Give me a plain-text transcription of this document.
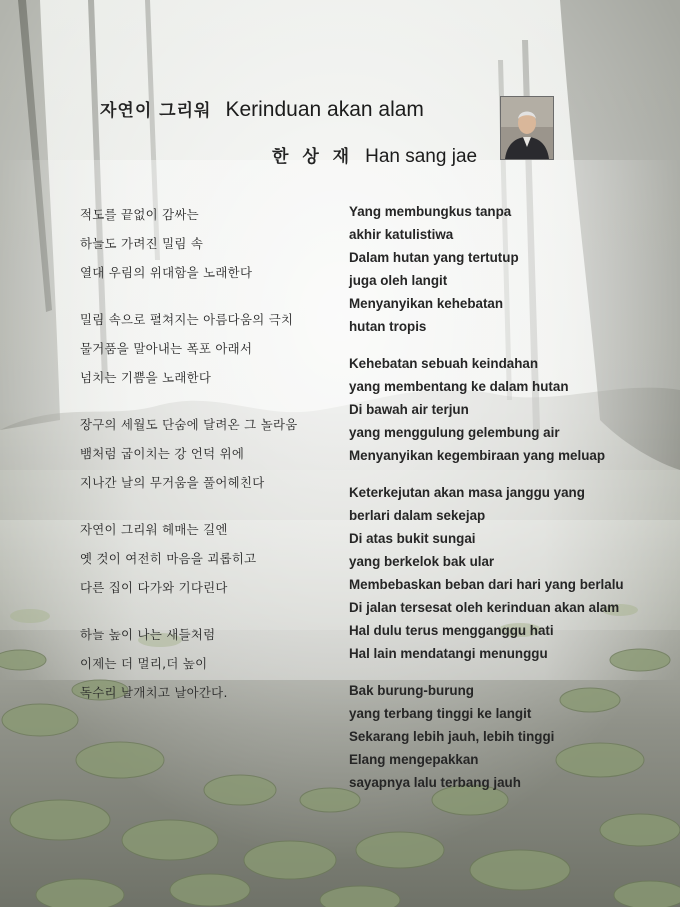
자연이 그리워 Kerinduan akan alam
한 상 재 Han sang jae
적도를 끝없이 감싸는
하늘도 가려진 밀림 속
열대 우림의 위대함을 노래한다
밀림 속으로 펼쳐지는 아름다움의 극치
물거품을 말아내는 폭포 아래서
넘치는 기쁨을 노래한다
장구의 세월도 단숨에 달려온 그 놀라움
뱀처럼 굽이치는 강 언덕 위에
지나간 날의 무거움을 풀어헤친다
자연이 그리워 헤매는 길엔
옛 것이 여전히 마음을 괴롭히고
다른 집이 다가와 기다린다
하늘 높이 나는 새들처럼
이제는 더 멀리,더 높이
독수리 날개치고 날아간다.
Yang membungkus tanpa
akhir katulistiwa
Dalam hutan yang tertutup
juga oleh langit
Menyanyikan kehebatan
hutan tropis
Kehebatan sebuah keindahan
yang membentang ke dalam hutan
Di bawah air terjun
yang menggulung gelembung air
Menyanyikan kegembiraan yang meluap
Keterkejutan akan masa janggu yang
berlari dalam sekejap
Di atas bukit sungai
yang berkelok bak ular
Membebaskan beban dari hari yang berlalu
Di jalan tersesat oleh kerinduan akan alam
Hal dulu terus mengganggu hati
Hal lain mendatangi menunggu
Bak burung-burung
yang terbang tinggi ke langit
Sekarang lebih jauh, lebih tinggi
Elang mengepakkan
sayapnya lalu terbang jauh
